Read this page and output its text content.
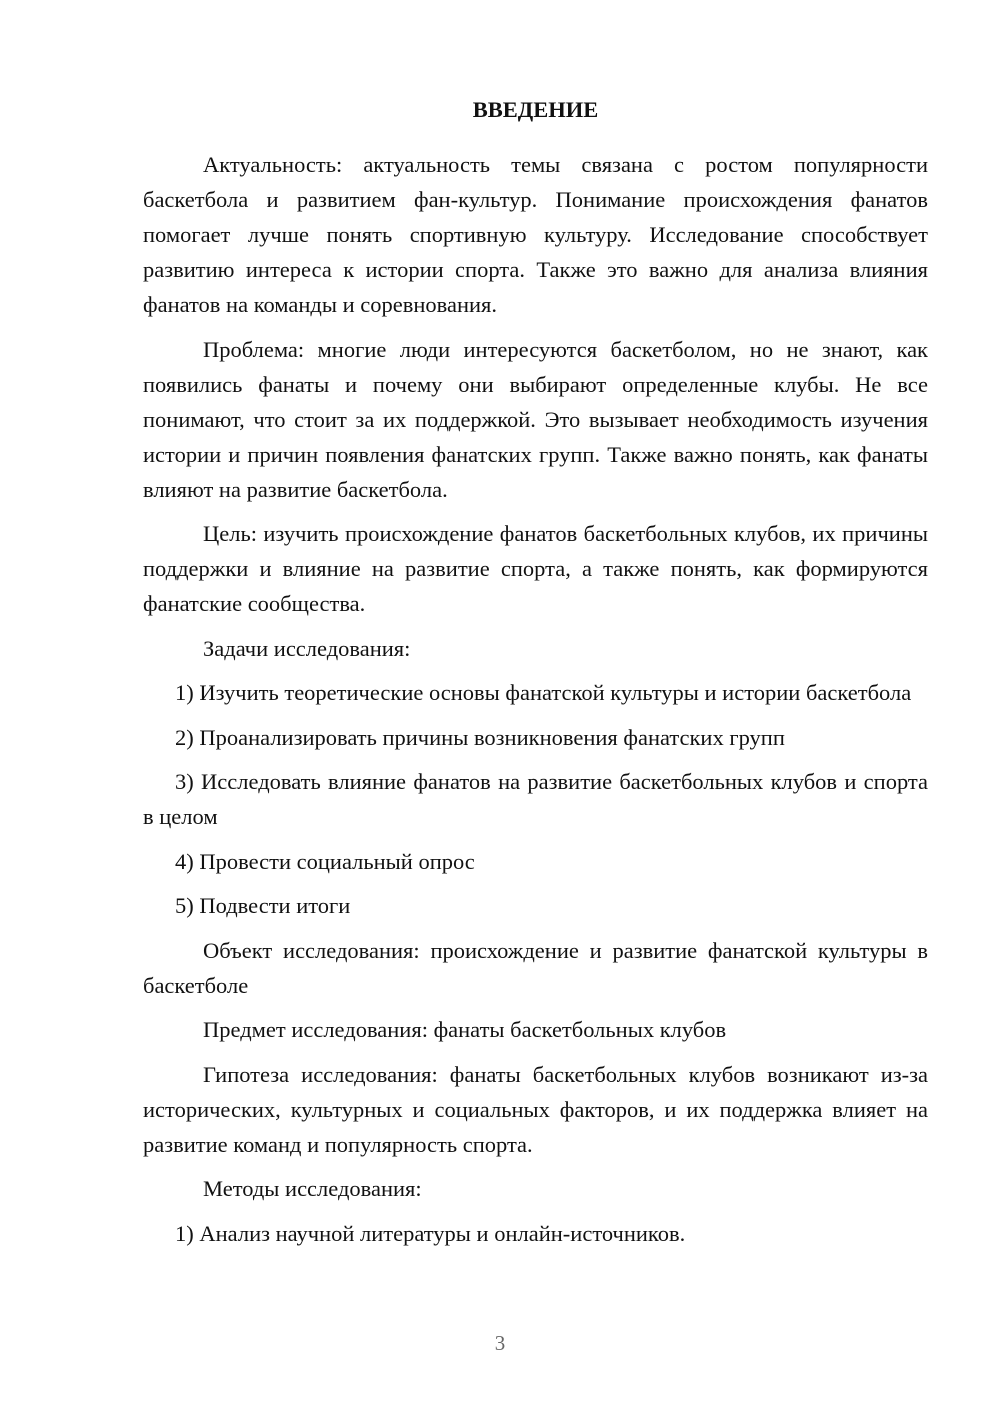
ВВЕДЕНИЕ

Актуальность: актуальность темы связана с ростом популярности баскетбола и развитием фан-культур. Понимание происхождения фанатов помогает лучше понять спортивную культуру. Исследование способствует развитию интереса к истории спорта. Также это важно для анализа влияния фанатов на команды и соревнования.

Проблема: многие люди интересуются баскетболом, но не знают, как появились фанаты и почему они выбирают определенные клубы. Не все понимают, что стоит за их поддержкой. Это вызывает необходимость изучения истории и причин появления фанатских групп. Также важно понять, как фанаты влияют на развитие баскетбола.

Цель: изучить происхождение фанатов баскетбольных клубов, их причины поддержки и влияние на развитие спорта, а также понять, как формируются фанатские сообщества.

Задачи исследования:

1) Изучить теоретические основы фанатской культуры и истории баскетбола

2) Проанализировать причины возникновения фанатских групп

3) Исследовать влияние фанатов на развитие баскетбольных клубов и спорта в целом

4) Провести социальный опрос

5) Подвести итоги

Объект исследования: происхождение и развитие фанатской культуры в баскетболе

Предмет исследования: фанаты баскетбольных клубов

Гипотеза исследования: фанаты баскетбольных клубов возникают из-за исторических, культурных и социальных факторов, и их поддержка влияет на развитие команд и популярность спорта.

Методы исследования:

1) Анализ научной литературы и онлайн-источников.

3
